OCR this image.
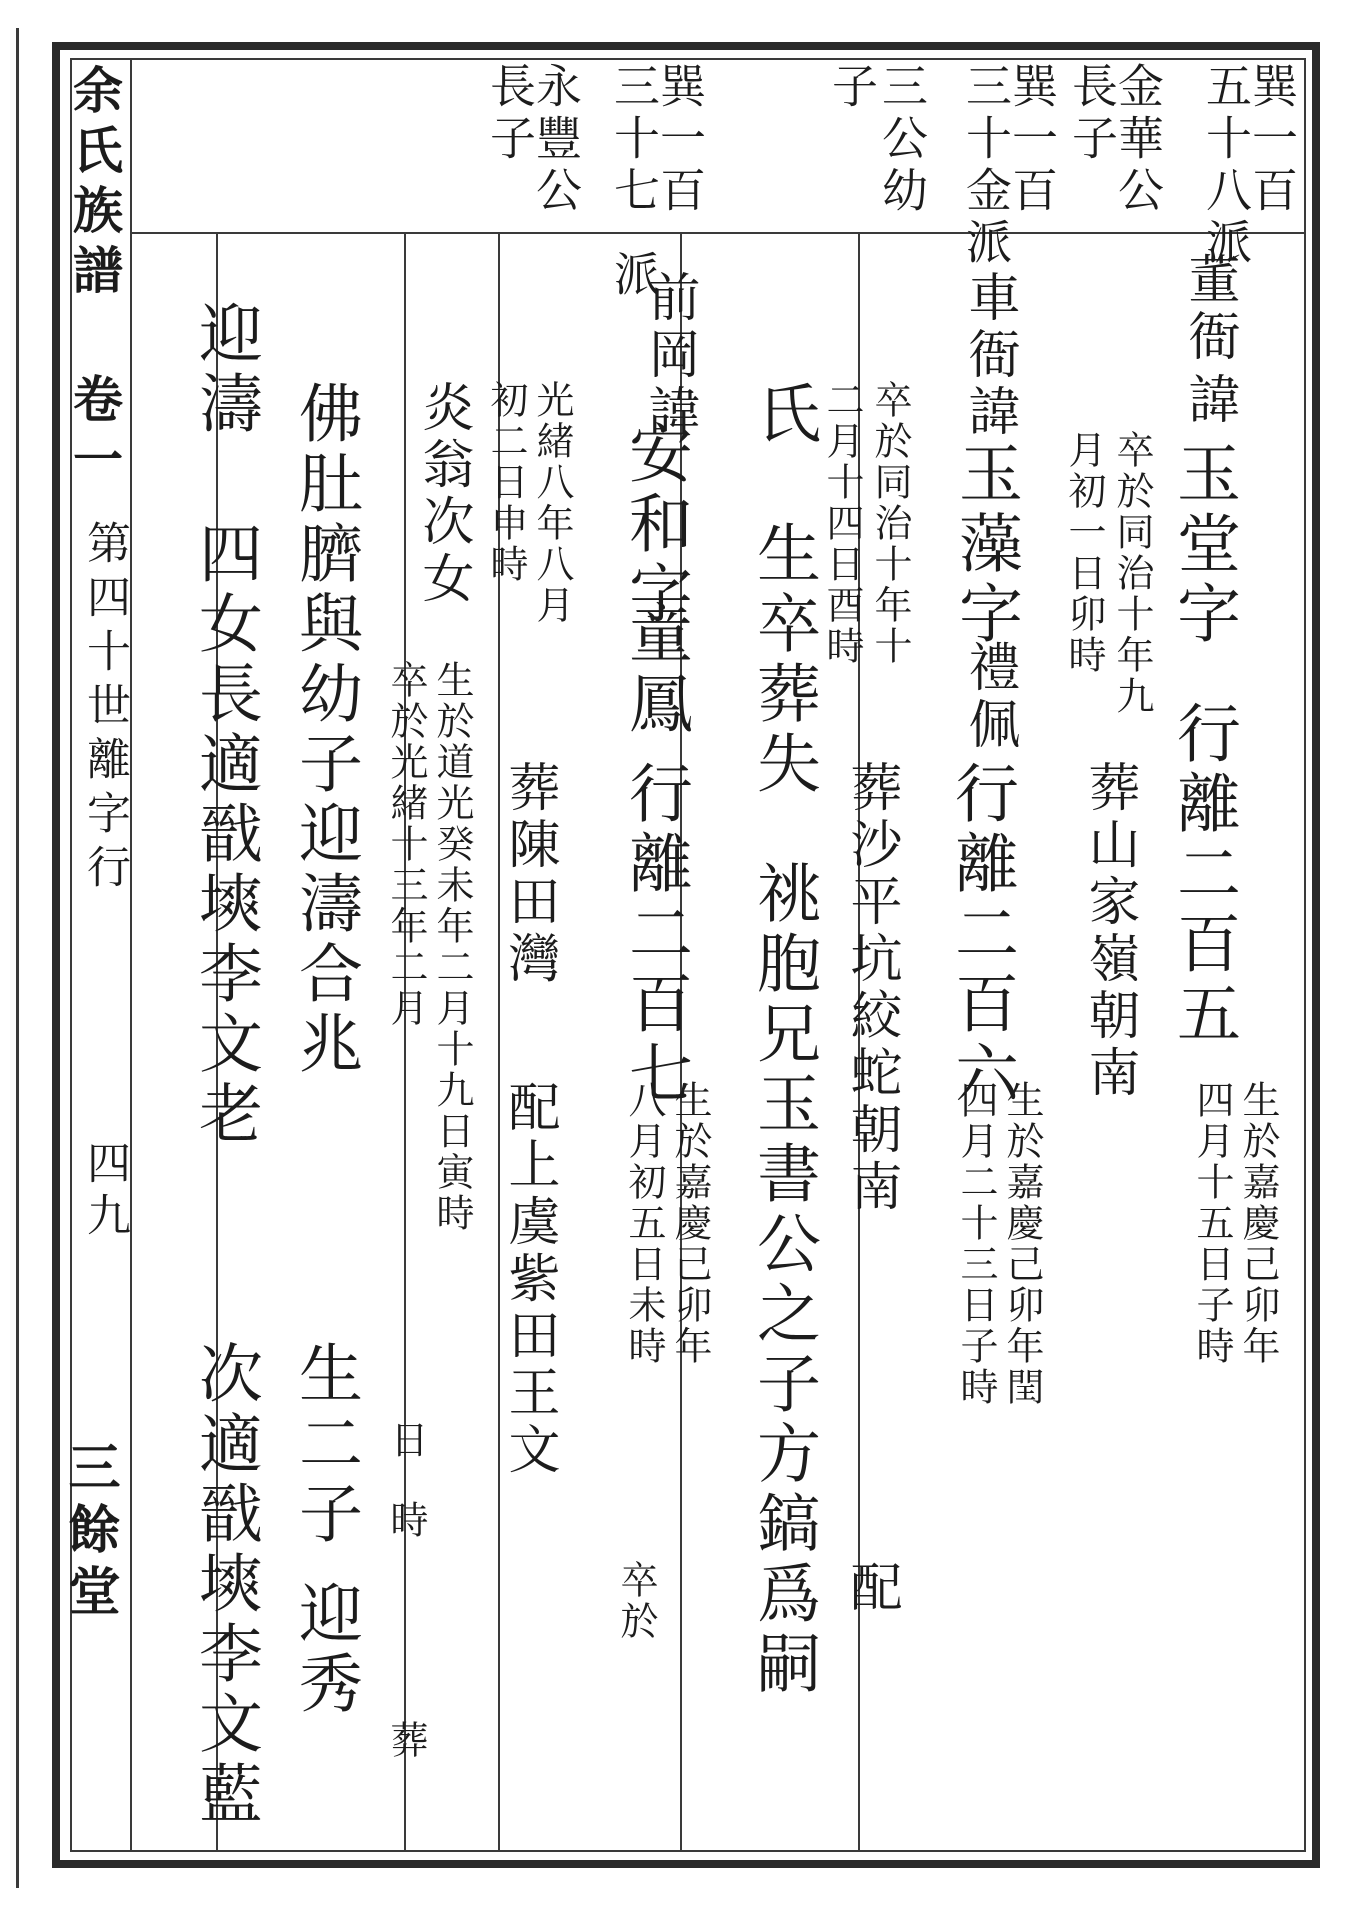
余氏族譜 卷一
第四十世離字行
四九
三餘堂
巽一百
五十八派
董衙
諱
玉堂字
行離二百五
生於嘉慶己卯年
四月十五日子時
金華公
長子
卒於同治十年九
月初一日卯時
葬山家嶺朝南
巽一百
三十金派
車衙諱
玉藻字
禮佩
行離二百六
生於嘉慶己卯年閏
四月二十三日子時
三公幼
子
卒於同治十年十
二月十四日酉時
葬沙平坑絞蛇朝南
配
氏
生卒葬失
祧胞兄玉書公之子方鎬爲嗣
巽一百
三十七
派
前岡諱
安和字
童鳳
行離二百七
生於嘉慶己卯年
八月初五日未時
卒於
永豐公
長子
光緒八年八月
初二日申時
葬陳田灣
配上虞紫田王文
炎翁次女
生於道光癸未年二月十九日寅時
卒於光緒十三年二月
日
時
葬
佛肚臍與幼子迎濤合兆
生二子
迎秀
迎濤
四女長適戩塽李文老
次適戩塽李文藍
